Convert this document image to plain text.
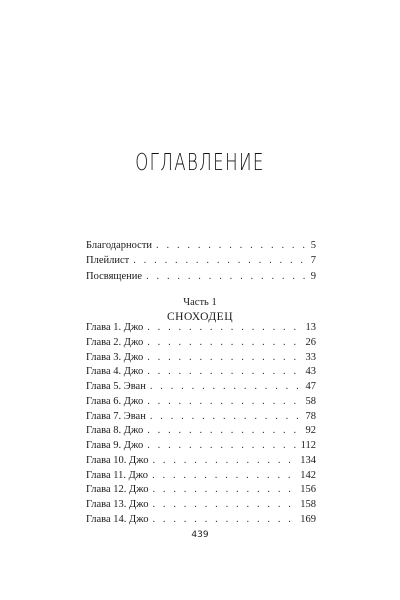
ОГЛАВЛЕНИЕ
Благодарности . . .	5
Плейлист . . .	7
Посвящение . . .	9
Часть 1
СНОХОДЕЦ
Глава 1. Джо . . .	13
Глава 2. Джо . . .	26
Глава 3. Джо . . .	33
Глава 4. Джо . . .	43
Глава 5. Эван . . .	47
Глава 6. Джо . . .	58
Глава 7. Эван . . .	78
Глава 8. Джо . . .	92
Глава 9. Джо . . .	112
Глава 10. Джо . . .	134
Глава 11. Джо . . .	142
Глава 12. Джо . . .	156
Глава 13. Джо . . .	158
Глава 14. Джо . . .	169
439
